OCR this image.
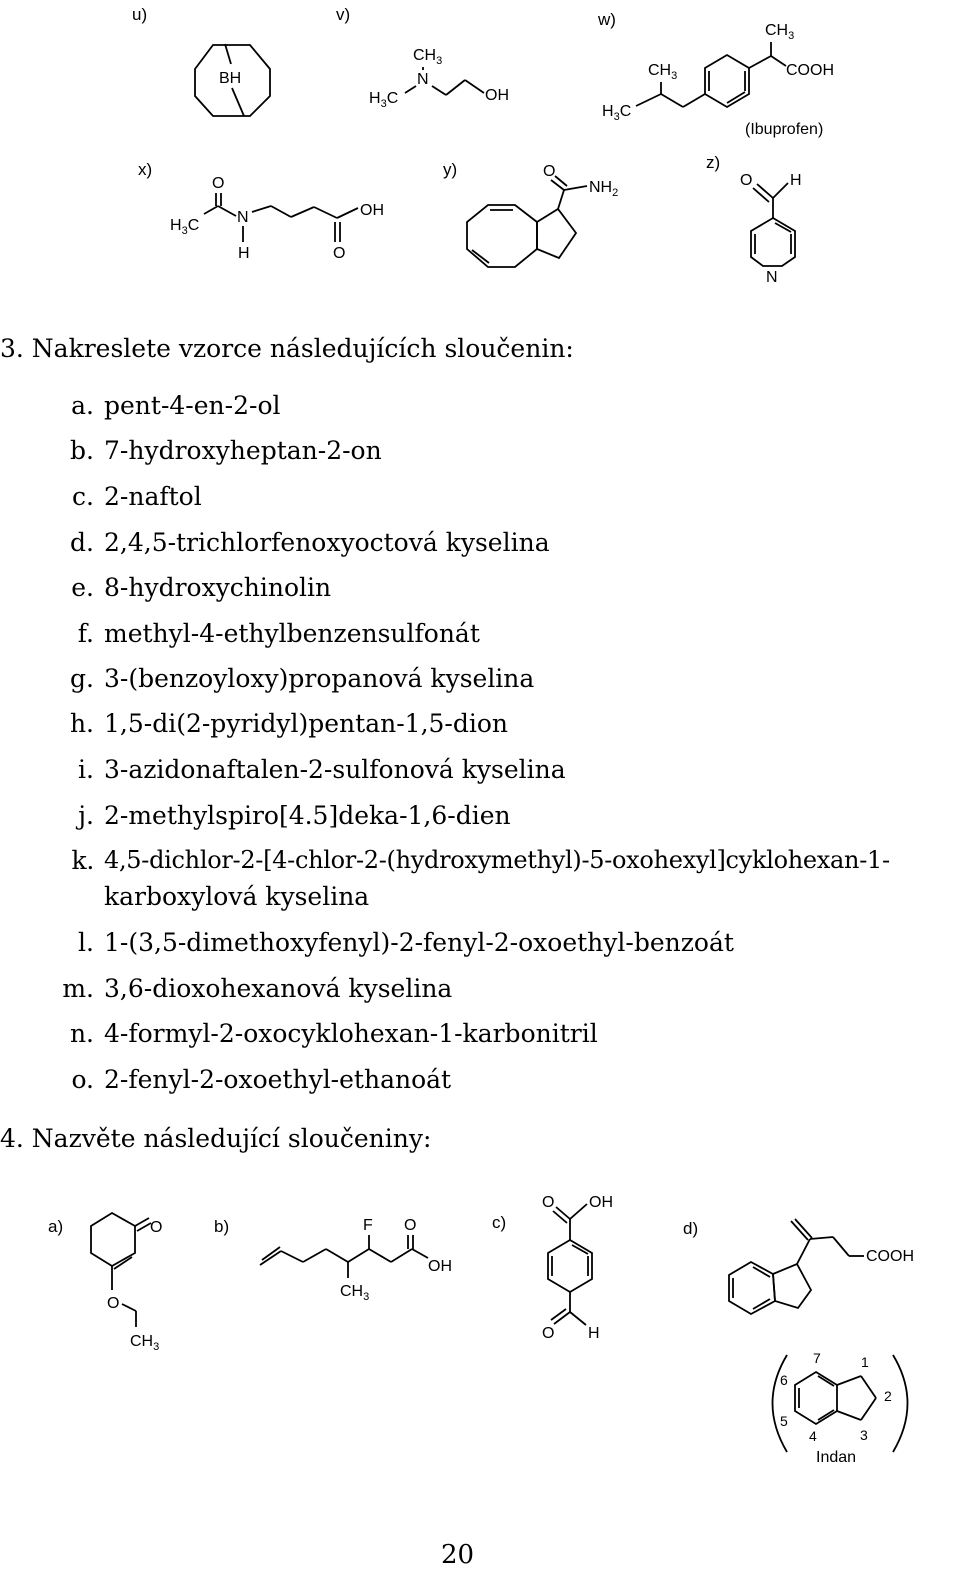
u)
BH
v)
$CH_3$
N
$H_3C$	OH
w)
$CH_3$
COOH
$CH_3$
$H_3C$
(Ibuprofen)
x)
O
$H_3C$ N
H
OH
O
y)	O
$NH_2$
z)
O H
N
3. Nakreslete vzorce následujících sloučenin:
a. pent-4-en-2-ol
b. 7-hydroxyheptan-2-on
c. 2-naftol
d. 2,4,5-trichlorfenoxyoctová kyselina
e. 8-hydroxychinolin
f. methyl-4-ethylbenzensulfonát
g. 3-(benzoyloxy)propanová kyselina
h. 1,5-di(2-pyridyl)pentan-1,5-dion
i. 3-azidonaftalen-2-sulfonová kyselina
j. 2-methylspiro[4.5]deka-1,6-dien
k. 4,5-dichlor-2-[4-chlor-2-(hydroxymethyl)-5-oxohexyl]cyklohexan-1-
karboxylová kyselina
l. 1-(3,5-dimethoxyfenyl)-2-fenyl-2-oxoethyl-benzoát
m. 3,6-dioxohexanová kyselina
n. 4-formyl-2-oxocyklohexan-1-karbonitril
o. 2-fenyl-2-oxoethyl-ethanoát
4. Nazvěte následující sloučeniny:
a)	O
O
$CH_3$
b)	F O
OH
$CH_3$
c)
O OH
O H
d)
COOH
7	1
2
3
4
5
6
Indan
20
